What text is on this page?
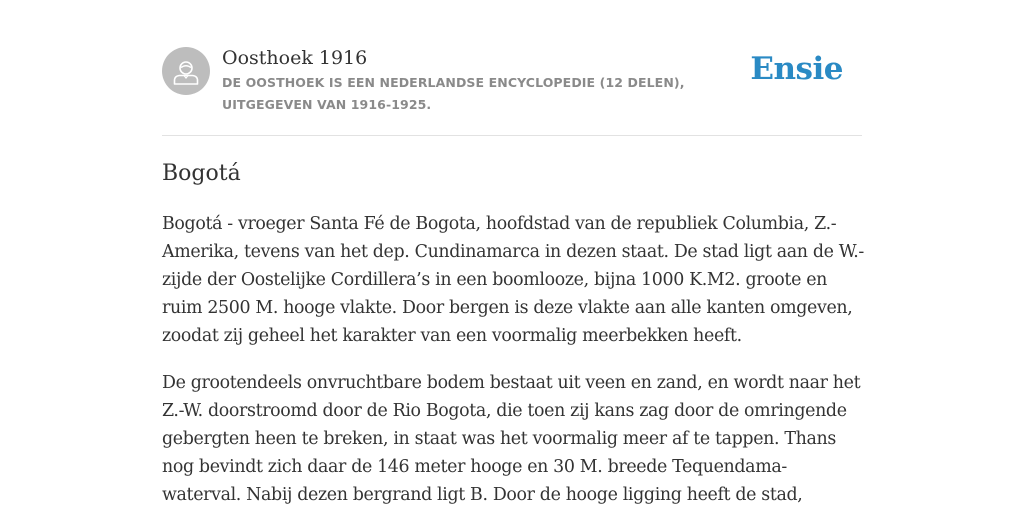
Oosthoek 1916
DE OOSTHOEK IS EEN NEDERLANDSE ENCYCLOPEDIE (12 DELEN), UITGEGEVEN VAN 1916-1925.
Ensie
Bogotá

Bogotá - vroeger Santa Fé de Bogota, hoofdstad van de republiek Columbia, Z.-Amerika, tevens van het dep. Cundinamarca in dezen staat. De stad ligt aan de W.-zijde der Oostelijke Cordillera’s in een boomlooze, bijna 1000 K.M2. groote en ruim 2500 M. hooge vlakte. Door bergen is deze vlakte aan alle kanten omgeven, zoodat zij geheel het karakter van een voormalig meerbekken heeft.

De grootendeels onvruchtbare bodem bestaat uit veen en zand, en wordt naar het Z.-W. doorstroomd door de Rio Bogota, die toen zij kans zag door de omringende gebergten heen te breken, in staat was het voormalig meer af te tappen. Thans nog bevindt zich daar de 146 meter hooge en 30 M. breede Tequendama-waterval. Nabij dezen bergrand ligt B. Door de hooge ligging heeft de stad,
